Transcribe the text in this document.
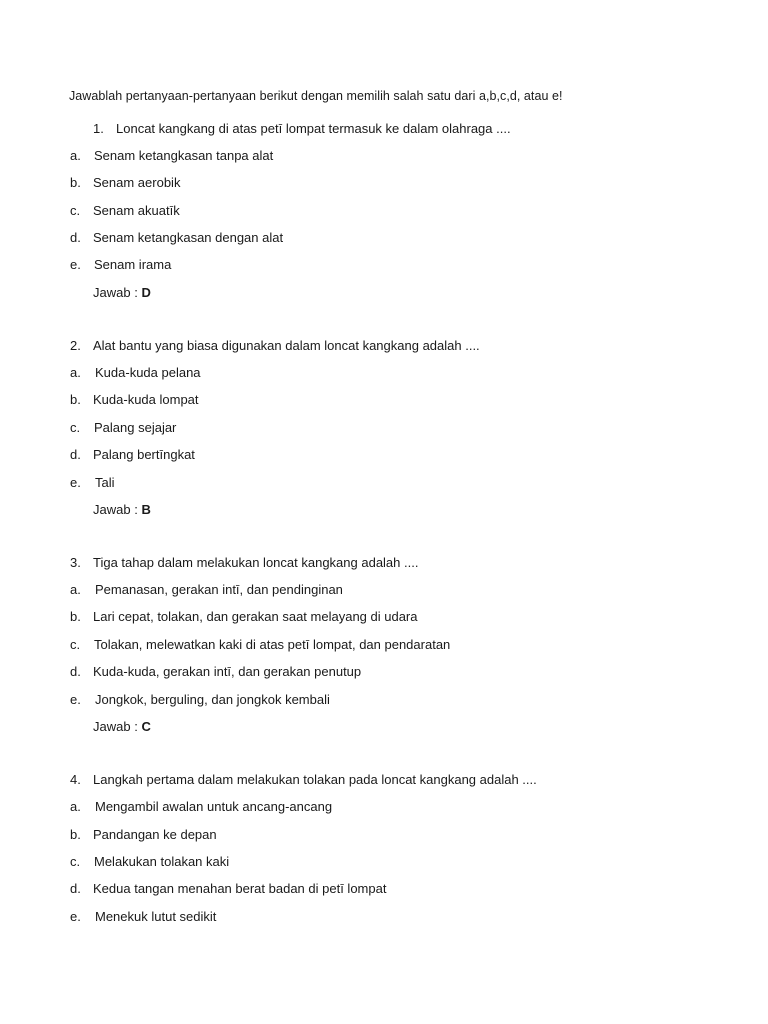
Jawablah pertanyaan-pertanyaan berikut dengan memilih salah satu dari a,b,c,d, atau e!
1. Loncat kangkang di atas petī lompat termasuk ke dalam olahraga ....
a. Senam ketangkasan tanpa alat
b. Senam aerobik
c. Senam akuatīk
d. Senam ketangkasan dengan alat
e. Senam irama
Jawab : D
2. Alat bantu yang biasa digunakan dalam loncat kangkang adalah ....
a. Kuda-kuda pelana
b. Kuda-kuda lompat
c. Palang sejajar
d. Palang bertīngkat
e. Tali
Jawab : B
3. Tiga tahap dalam melakukan loncat kangkang adalah ....
a. Pemanasan, gerakan intī, dan pendinginan
b. Lari cepat, tolakan, dan gerakan saat melayang di udara
c. Tolakan, melewatkan kaki di atas petī lompat, dan pendaratan
d. Kuda-kuda, gerakan intī, dan gerakan penutup
e. Jongkok, berguling, dan jongkok kembali
Jawab : C
4. Langkah pertama dalam melakukan tolakan pada loncat kangkang adalah ....
a. Mengambil awalan untuk ancang-ancang
b. Pandangan ke depan
c. Melakukan tolakan kaki
d. Kedua tangan menahan berat badan di petī lompat
e. Menekuk lutut sedikit
